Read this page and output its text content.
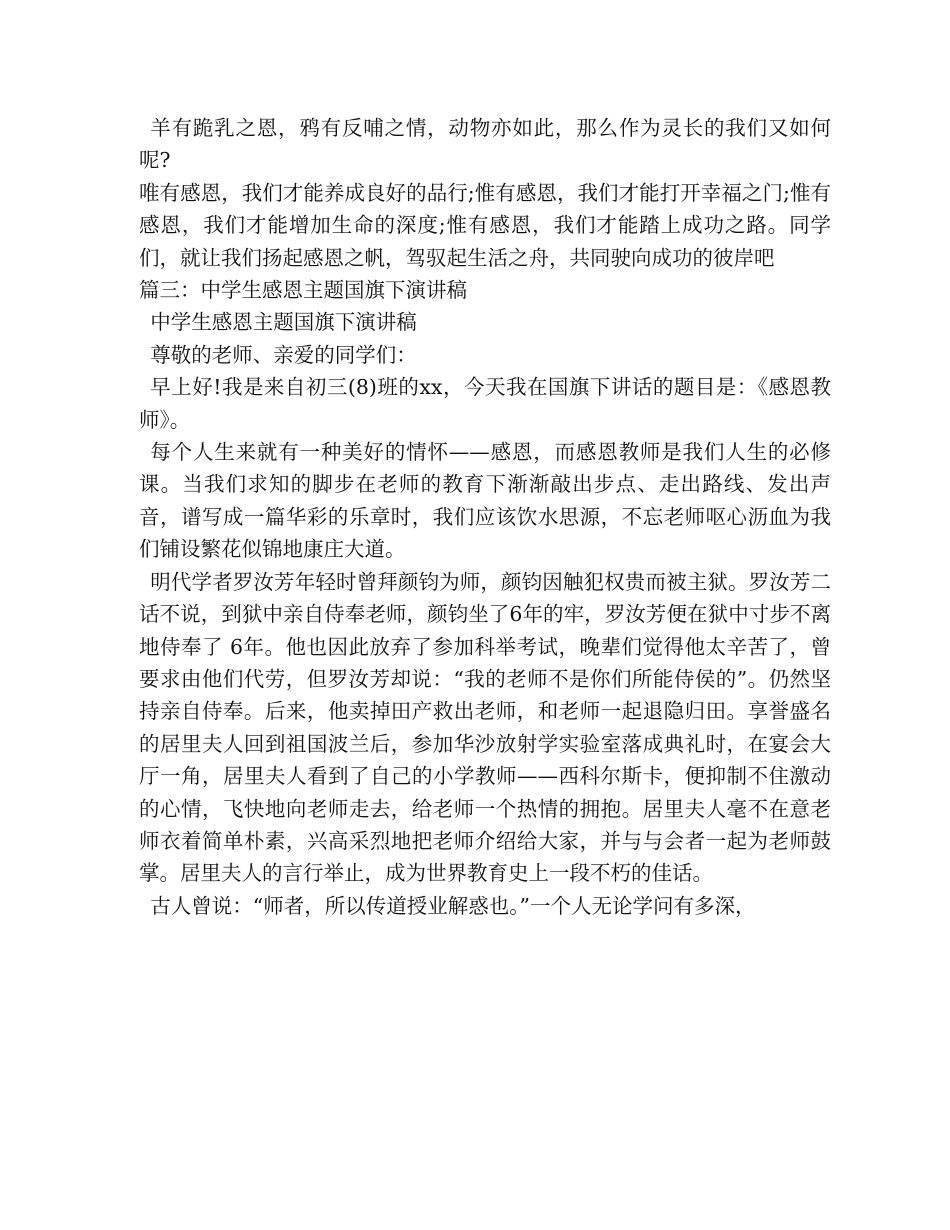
羊有跪乳之恩，鸦有反哺之情，动物亦如此，那么作为灵长的我们又如何呢?

唯有感恩，我们才能养成良好的品行;惟有感恩，我们才能打开幸福之门;惟有感恩，我们才能增加生命的深度;惟有感恩，我们才能踏上成功之路。同学们，就让我们扬起感恩之帆，驾驭起生活之舟，共同驶向成功的彼岸吧

篇三：中学生感恩主题国旗下演讲稿

中学生感恩主题国旗下演讲稿

尊敬的老师、亲爱的同学们：

早上好!我是来自初三(8)班的xx，今天我在国旗下讲话的题目是：《感恩教师》。

每个人生来就有一种美好的情怀——感恩，而感恩教师是我们人生的必修课。当我们求知的脚步在老师的教育下渐渐敲出步点、走出路线、发出声音，谱写成一篇华彩的乐章时，我们应该饮水思源，不忘老师呕心沥血为我们铺设繁花似锦地康庄大道。

明代学者罗汝芳年轻时曾拜颜钧为师，颜钧因触犯权贵而被主狱。罗汝芳二话不说，到狱中亲自侍奉老师，颜钧坐了6年的牢，罗汝芳便在狱中寸步不离地侍奉了 6年。他也因此放弃了参加科举考试，晚辈们觉得他太辛苦了，曾要求由他们代劳，但罗汝芳却说：“我的老师不是你们所能侍侯的”。仍然坚持亲自侍奉。后来，他卖掉田产救出老师，和老师一起退隐归田。享誉盛名的居里夫人回到祖国波兰后，参加华沙放射学实验室落成典礼时，在宴会大厅一角，居里夫人看到了自己的小学教师——西科尔斯卡，便抑制不住激动的心情，飞快地向老师走去，给老师一个热情的拥抱。居里夫人毫不在意老师衣着简单朴素，兴高采烈地把老师介绍给大家，并与与会者一起为老师鼓掌。居里夫人的言行举止，成为世界教育史上一段不朽的佳话。

古人曾说：“师者，所以传道授业解惑也。”一个人无论学问有多深，
